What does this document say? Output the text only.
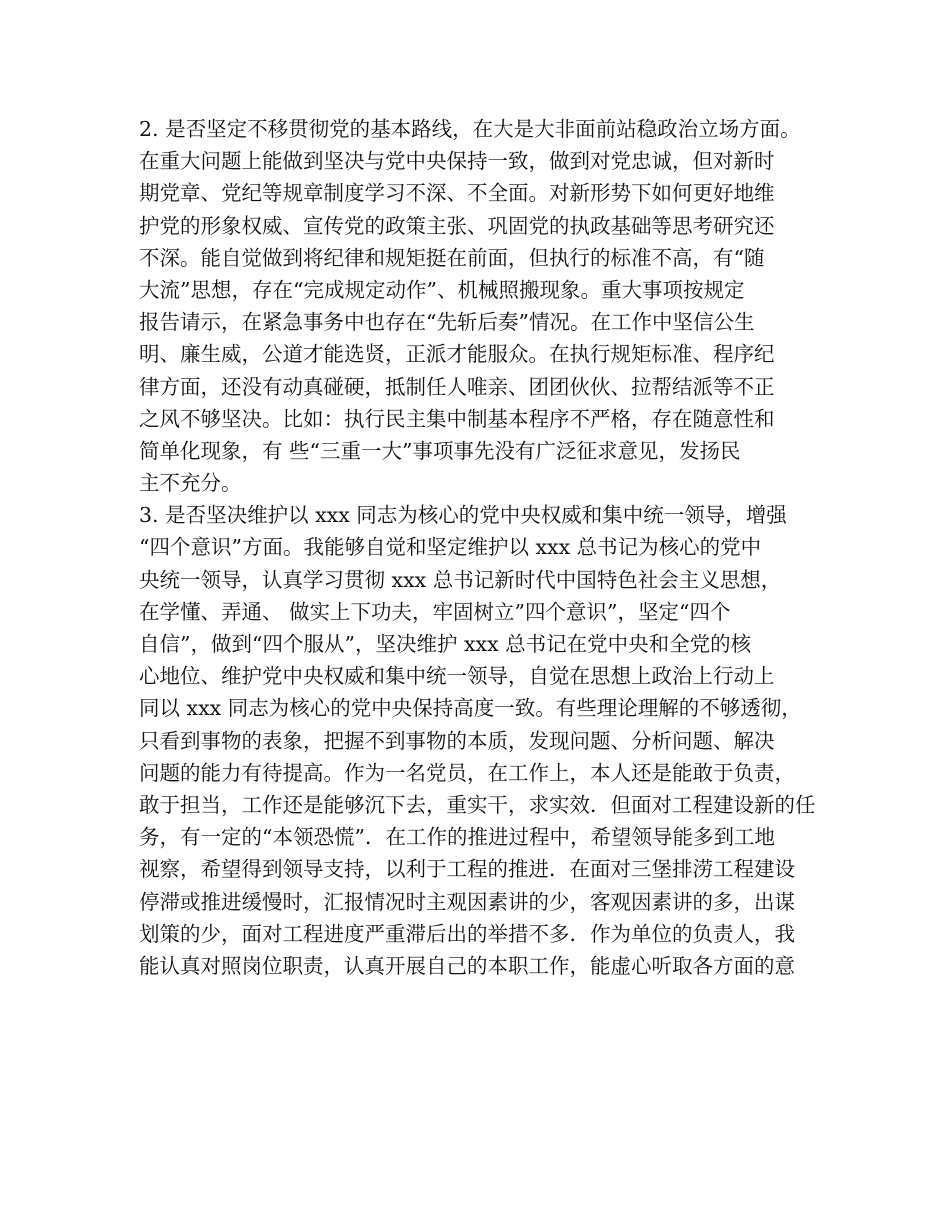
2. 是否坚定不移贯彻党的基本路线，在大是大非面前站稳政治立场方面。
在重大问题上能做到坚决与党中央保持一致，做到对党忠诚，但对新时
期党章、党纪等规章制度学习不深、不全面。对新形势下如何更好地维
护党的形象权威、宣传党的政策主张、巩固党的执政基础等思考研究还
不深。能自觉做到将纪律和规矩挺在前面，但执行的标准不高，有“随
大流”思想，存在“完成规定动作”、机械照搬现象。重大事项按规定
报告请示，在紧急事务中也存在“先斩后奏”情况。在工作中坚信公生
明、廉生威，公道才能选贤，正派才能服众。在执行规矩标准、程序纪
律方面，还没有动真碰硬，抵制任人唯亲、团团伙伙、拉帮结派等不正
之风不够坚决。比如：执行民主集中制基本程序不严格，存在随意性和
简单化现象，有 些“三重一大”事项事先没有广泛征求意见，发扬民
主不充分。
3. 是否坚决维护以 xxx 同志为核心的党中央权威和集中统一领导，增强
“四个意识”方面。我能够自觉和坚定维护以 xxx 总书记为核心的党中
央统一领导，认真学习贯彻 xxx 总书记新时代中国特色社会主义思想，
在学懂、弄通、 做实上下功夫，牢固树立”四个意识”，坚定“四个
自信”，做到“四个服从”，坚决维护 xxx 总书记在党中央和全党的核
心地位、维护党中央权威和集中统一领导，自觉在思想上政治上行动上
同以 xxx 同志为核心的党中央保持高度一致。有些理论理解的不够透彻，
只看到事物的表象，把握不到事物的本质，发现问题、分析问题、解决
问题的能力有待提高。作为一名党员，在工作上，本人还是能敢于负责，
敢于担当，工作还是能够沉下去，重实干，求实效．但面对工程建设新的任
务，有一定的“本领恐慌”．在工作的推进过程中，希望领导能多到工地
视察，希望得到领导支持，以利于工程的推进．在面对三堡排涝工程建设
停滞或推进缓慢时，汇报情况时主观因素讲的少，客观因素讲的多，出谋
划策的少，面对工程进度严重滞后出的举措不多．作为单位的负责人，我
能认真对照岗位职责，认真开展自己的本职工作，能虚心听取各方面的意
